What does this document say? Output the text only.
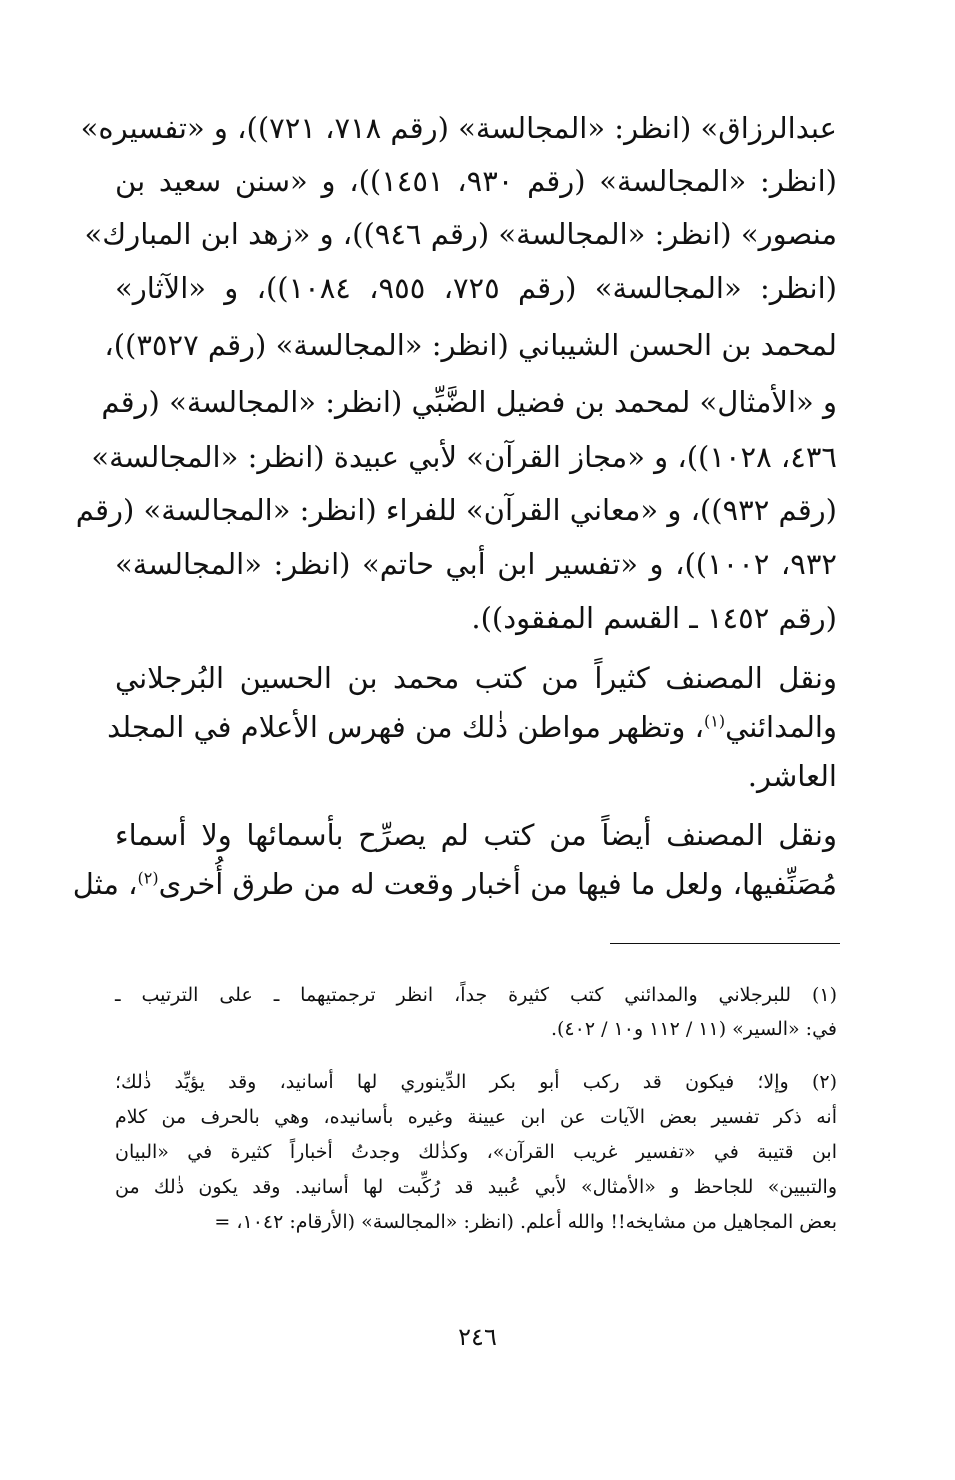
عبدالرزاق» (انظر: «المجالسة» (رقم ٧١٨، ٧٢١))، و «تفسيره»
(انظر: «المجالسة» (رقم ٩٣٠، ١٤٥١))، و «سنن سعيد بن
منصور» (انظر: «المجالسة» (رقم ٩٤٦))، و «زهد ابن المبارك»
(انظر: «المجالسة» (رقم ٧٢٥، ٩٥٥، ١٠٨٤))، و «الآثار»
لمحمد بن الحسن الشيباني (انظر: «المجالسة» (رقم ٣٥٢٧))،
و «الأمثال» لمحمد بن فضيل الضَّبِّي (انظر: «المجالسة» (رقم
٤٣٦، ١٠٢٨))، و «مجاز القرآن» لأبي عبيدة (انظر: «المجالسة»
(رقم ٩٣٢))، و «معاني القرآن» للفراء (انظر: «المجالسة» (رقم
٩٣٢، ١٠٠٢))، و «تفسير ابن أبي حاتم» (انظر: «المجالسة»
(رقم ١٤٥٢ ـ القسم المفقود)).
ونقل المصنف كثيراً من كتب محمد بن الحسين البُرجلاني
والمدائني$^{(١)}$، وتظهر مواطن ذٰلك من فهرس الأعلام في المجلد
العاشر.
ونقل المصنف أيضاً من كتب لم يصرِّح بأسمائها ولا أسماء
مُصَنِّفيها، ولعل ما فيها من أخبار وقعت له من طرق أُخرى$^{(٢)}$، مثل
(١) للبرجلاني والمدائني كتب كثيرة جداً، انظر ترجمتيهما ـ على الترتيب ـ
في: «السير» (١١ / ١١٢ و١٠ / ٤٠٢).
(٢) وإلا؛ فيكون قد ركب أبو بكر الدِّينوري لها أسانيد، وقد يؤيِّد ذٰلك؛
أنه ذكر تفسير بعض الآيات عن ابن عيينة وغيره بأسانيده، وهي بالحرف من كلام
ابن قتيبة في «تفسير غريب القرآن»، وكذٰلك وجدتُ أخباراً كثيرة في «البيان
والتبيين» للجاحظ و «الأمثال» لأبي عُبيد قد رُكِّبت لها أسانيد. وقد يكون ذٰلك من
بعض المجاهيل من مشايخه!! والله أعلم. (انظر: «المجالسة» (الأرقام: ١٠٤٢، =
٢٤٦
